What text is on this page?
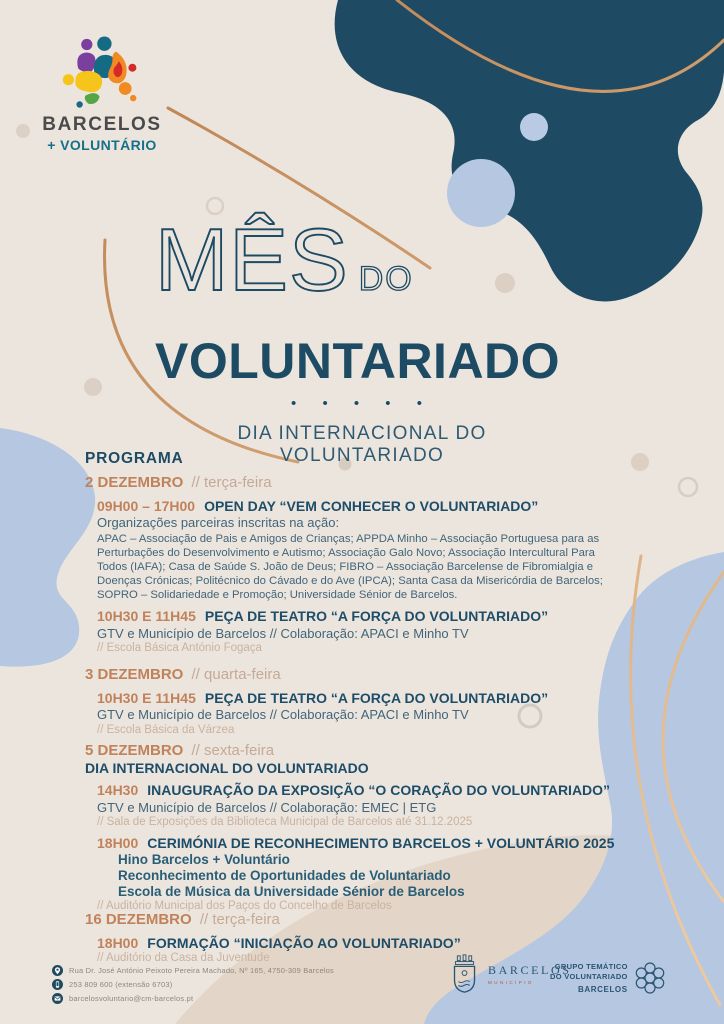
BARCELOS
+ VOLUNTÁRIO
MÊS DO
VOLUNTARIADO
• • • • •
DIA INTERNACIONAL DO VOLUNTARIADO
PROGRAMA
2 DEZEMBRO // terça-feira
09H00 – 17H00 OPEN DAY “VEM CONHECER O VOLUNTARIADO”
Organizações parceiras inscritas na ação:
APAC – Associação de Pais e Amigos de Crianças; APPDA Minho – Associação Portuguesa para as Perturbações do Desenvolvimento e Autismo; Associação Galo Novo; Associação Intercultural Para Todos (IAFA); Casa de Saúde S. João de Deus; FIBRO – Associação Barcelense de Fibromialgia e Doenças Crónicas; Politécnico do Cávado e do Ave (IPCA); Santa Casa da Misericórdia de Barcelos; SOPRO – Solidariedade e Promoção; Universidade Sénior de Barcelos.
10H30 E 11H45 PEÇA DE TEATRO “A FORÇA DO VOLUNTARIADO”
GTV e Município de Barcelos // Colaboração: APACI e Minho TV
// Escola Básica António Fogaça
3 DEZEMBRO // quarta-feira
10H30 E 11H45 PEÇA DE TEATRO “A FORÇA DO VOLUNTARIADO”
GTV e Município de Barcelos // Colaboração: APACI e Minho TV
// Escola Básica da Várzea
5 DEZEMBRO // sexta-feira
DIA INTERNACIONAL DO VOLUNTARIADO
14H30 INAUGURAÇÃO DA EXPOSIÇÃO “O CORAÇÃO DO VOLUNTARIADO”
GTV e Município de Barcelos // Colaboração: EMEC | ETG
// Sala de Exposições da Biblioteca Municipal de Barcelos até 31.12.2025
18H00 CERIMÓNIA DE RECONHECIMENTO BARCELOS + VOLUNTÁRIO 2025
Hino Barcelos + Voluntário
Reconhecimento de Oportunidades de Voluntariado
Escola de Música da Universidade Sénior de Barcelos
// Auditório Municipal dos Paços do Concelho de Barcelos
16 DEZEMBRO // terça-feira
18H00 FORMAÇÃO “INICIAÇÃO AO VOLUNTARIADO”
// Auditório da Casa da Juventude
Rua Dr. José António Peixoto Pereira Machado, Nº 165, 4750-309 Barcelos
253 809 600 (extensão 6703)
barcelosvoluntario@cm-barcelos.pt
BARCELOS
MUNICÍPIO
GRUPO TEMÁTICO
DO VOLUNTARIADO
BARCELOS
